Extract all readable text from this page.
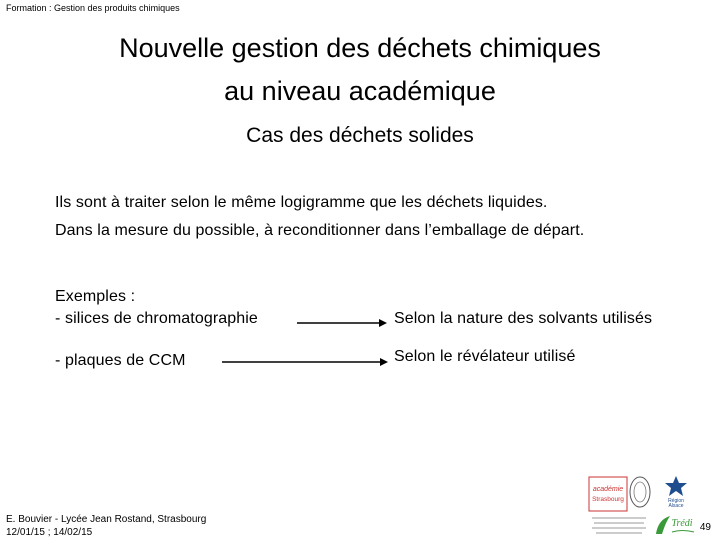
Formation : Gestion des produits chimiques
Nouvelle gestion des déchets chimiques
au niveau académique
Cas des déchets solides
Ils sont à traiter selon le même logigramme que les déchets liquides.
Dans la mesure du possible, à reconditionner dans l’emballage de départ.
Exemples :
- silices de chromatographie	Selon la nature des solvants utilisés
- plaques de CCM	Selon le révélateur utilisé
E. Bouvier - Lycée Jean Rostand, Strasbourg
12/01/15 ; 14/02/15
académie
Strasbourg	Région
Alsace
Trédi 49
